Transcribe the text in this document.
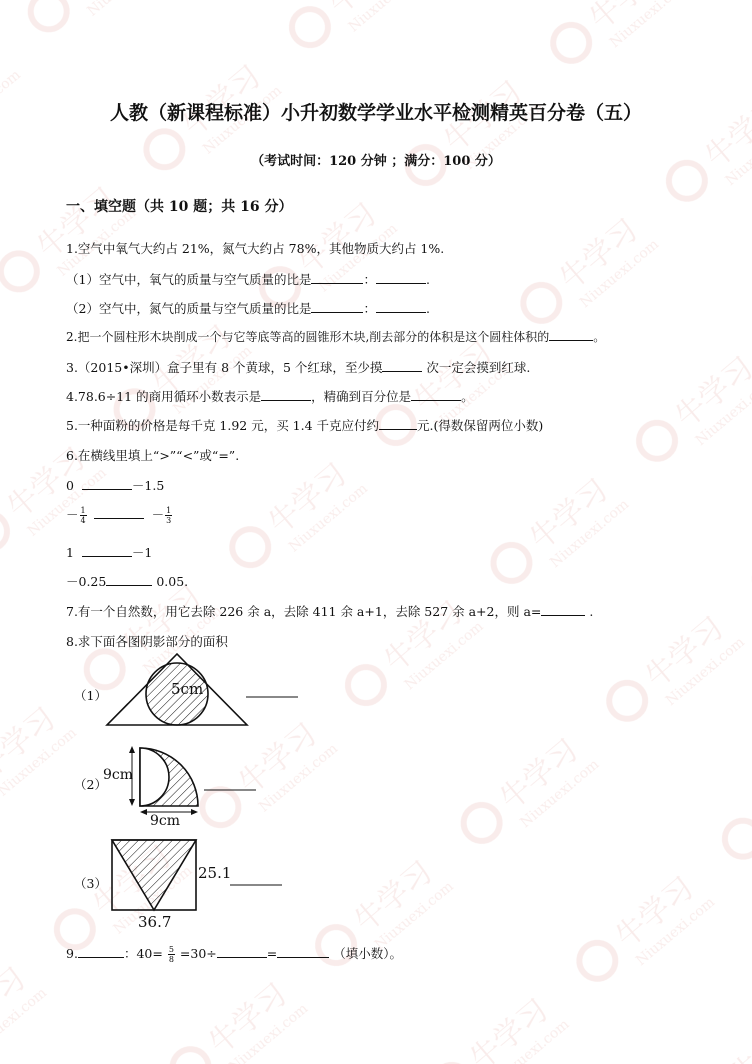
人教（新课程标准）小升初数学学业水平检测精英百分卷（五）
（考试时间：120 分钟 ；满分：100 分）
一、填空题（共 10 题；共 16 分）
1.空气中氧气大约占 21%，氮气大约占 78%，其他物质大约占 1%.
（1）空气中，氧气的质量与空气质量的比是	：	.
（2）空气中，氮气的质量与空气质量的比是	：	.
2.把一个圆柱形木块削成一个与它等底等高的圆锥形木块,削去部分的体积是这个圆柱体积的	。
3.（2015•深圳）盒子里有 8 个黄球，5 个红球，至少摸	次一定会摸到红球.
4.78.6÷11 的商用循环小数表示是	，精确到百分位是	。
5.一种面粉的价格是每千克 1.92 元，买 1.4 千克应付约	元.(得数保留两位小数)
6.在横线里填上“>”“<”或“=”.
0	－1.5
－ $\frac{1}{4}$	－ $\frac{1}{3}$
1	－1
－0.25	0.05.
7.有一个自然数，用它去除 226 余 a，去除 411 余 a+1，去除 527 余 a+2，则 a=	.
8.求下面各图阴影部分的面积
（1）	5cm
（2）
9cm
9cm
（3）
25.1
36.7
9.	：$40= \frac{5}{8} =30\div$	=	（填小数）。
